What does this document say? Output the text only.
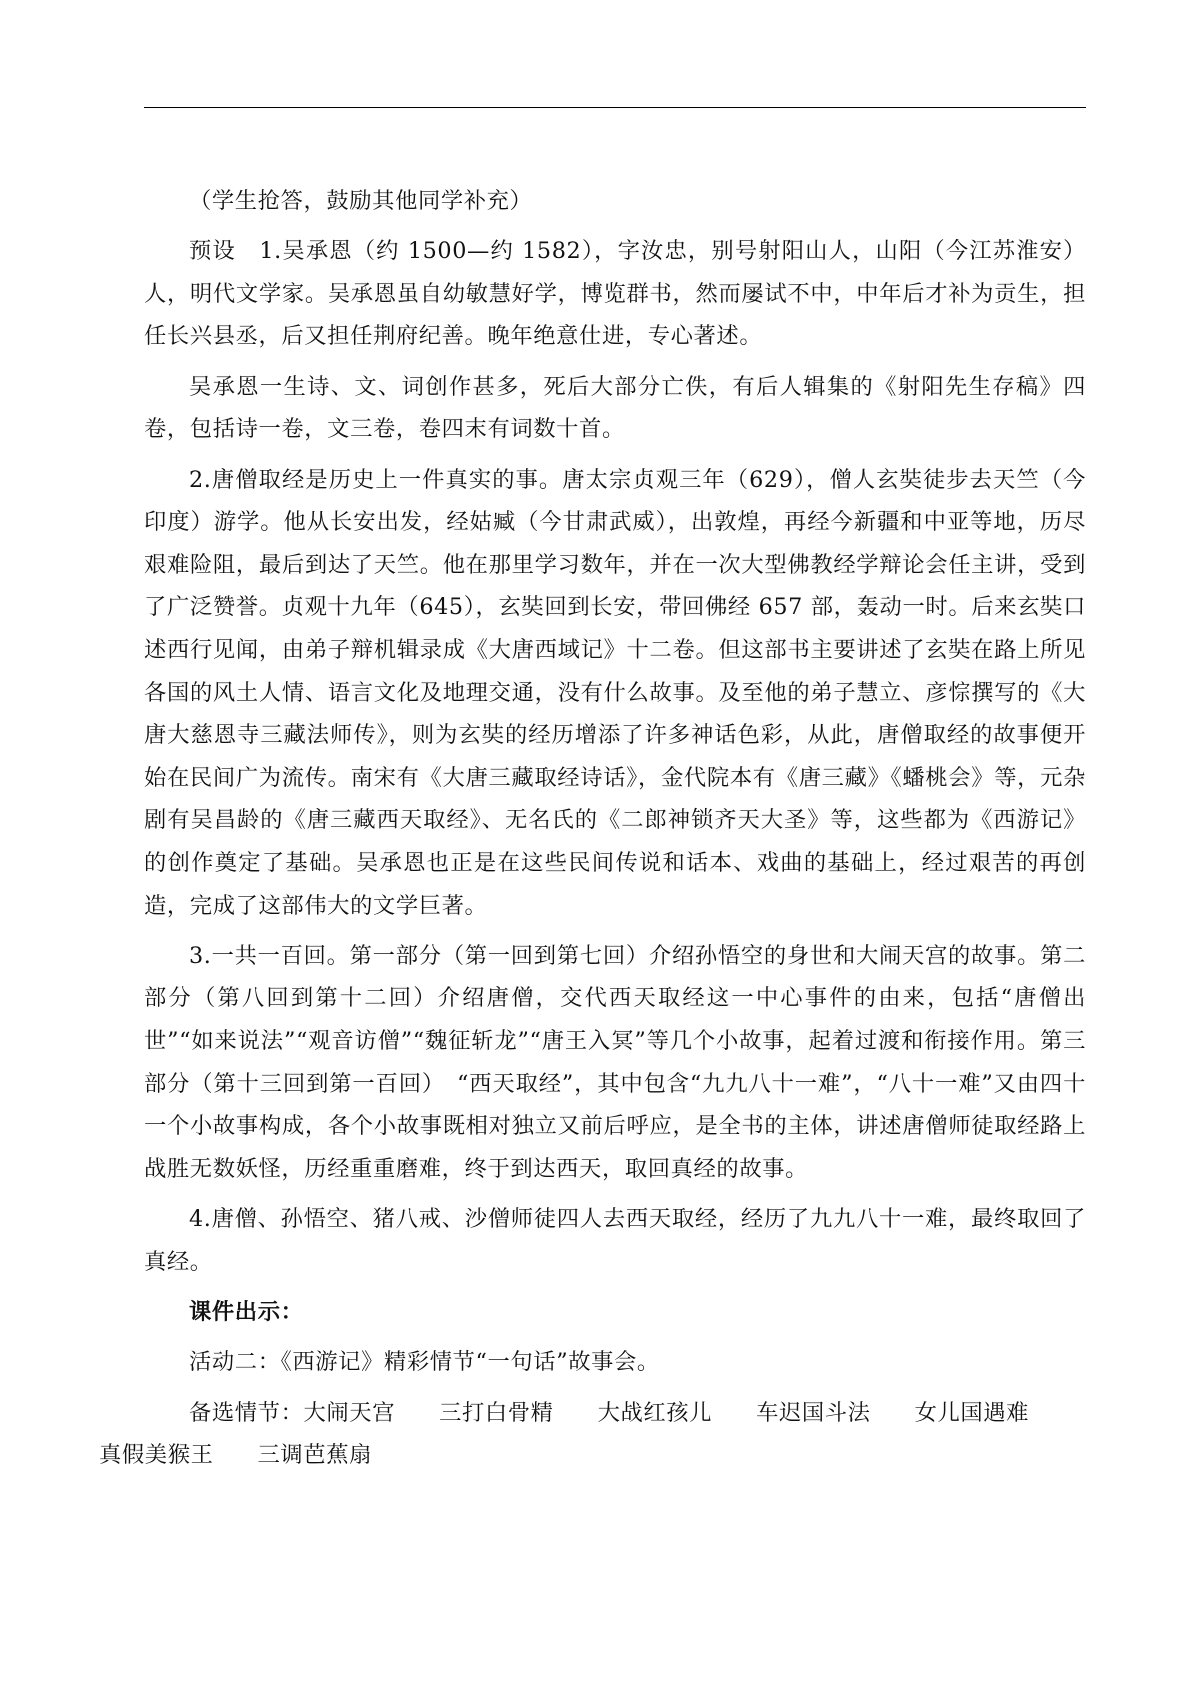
（学生抢答，鼓励其他同学补充）

预设　1.吴承恩（约 1500—约 1582），字汝忠，别号射阳山人，山阳（今江苏淮安）人，明代文学家。吴承恩虽自幼敏慧好学，博览群书，然而屡试不中，中年后才补为贡生，担任长兴县丞，后又担任荆府纪善。晚年绝意仕进，专心著述。

吴承恩一生诗、文、词创作甚多，死后大部分亡佚，有后人辑集的《射阳先生存稿》四卷，包括诗一卷，文三卷，卷四末有词数十首。

2.唐僧取经是历史上一件真实的事。唐太宗贞观三年（629），僧人玄奘徒步去天竺（今印度）游学。他从长安出发，经姑臧（今甘肃武威），出敦煌，再经今新疆和中亚等地，历尽艰难险阻，最后到达了天竺。他在那里学习数年，并在一次大型佛教经学辩论会任主讲，受到了广泛赞誉。贞观十九年（645），玄奘回到长安，带回佛经 657 部，轰动一时。后来玄奘口述西行见闻，由弟子辩机辑录成《大唐西域记》十二卷。但这部书主要讲述了玄奘在路上所见各国的风土人情、语言文化及地理交通，没有什么故事。及至他的弟子慧立、彦悰撰写的《大唐大慈恩寺三藏法师传》，则为玄奘的经历增添了许多神话色彩，从此，唐僧取经的故事便开始在民间广为流传。南宋有《大唐三藏取经诗话》，金代院本有《唐三藏》《蟠桃会》等，元杂剧有吴昌龄的《唐三藏西天取经》、无名氏的《二郎神锁齐天大圣》等，这些都为《西游记》的创作奠定了基础。吴承恩也正是在这些民间传说和话本、戏曲的基础上，经过艰苦的再创造，完成了这部伟大的文学巨著。

3.一共一百回。第一部分（第一回到第七回）介绍孙悟空的身世和大闹天宫的故事。第二部分（第八回到第十二回）介绍唐僧，交代西天取经这一中心事件的由来，包括“唐僧出世”“如来说法”“观音访僧”“魏征斩龙”“唐王入冥”等几个小故事，起着过渡和衔接作用。第三部分（第十三回到第一百回）　“西天取经”，其中包含“九九八十一难”，“八十一难”又由四十一个小故事构成，各个小故事既相对独立又前后呼应，是全书的主体，讲述唐僧师徒取经路上战胜无数妖怪，历经重重磨难，终于到达西天，取回真经的故事。

4.唐僧、孙悟空、猪八戒、沙僧师徒四人去西天取经，经历了九九八十一难，最终取回了真经。

课件出示：

活动二：《西游记》精彩情节“一句话”故事会。

备选情节：大闹天宫 三打白骨精 大战红孩儿 车迟国斗法 女儿国遇难
真假美猴王 三调芭蕉扇
